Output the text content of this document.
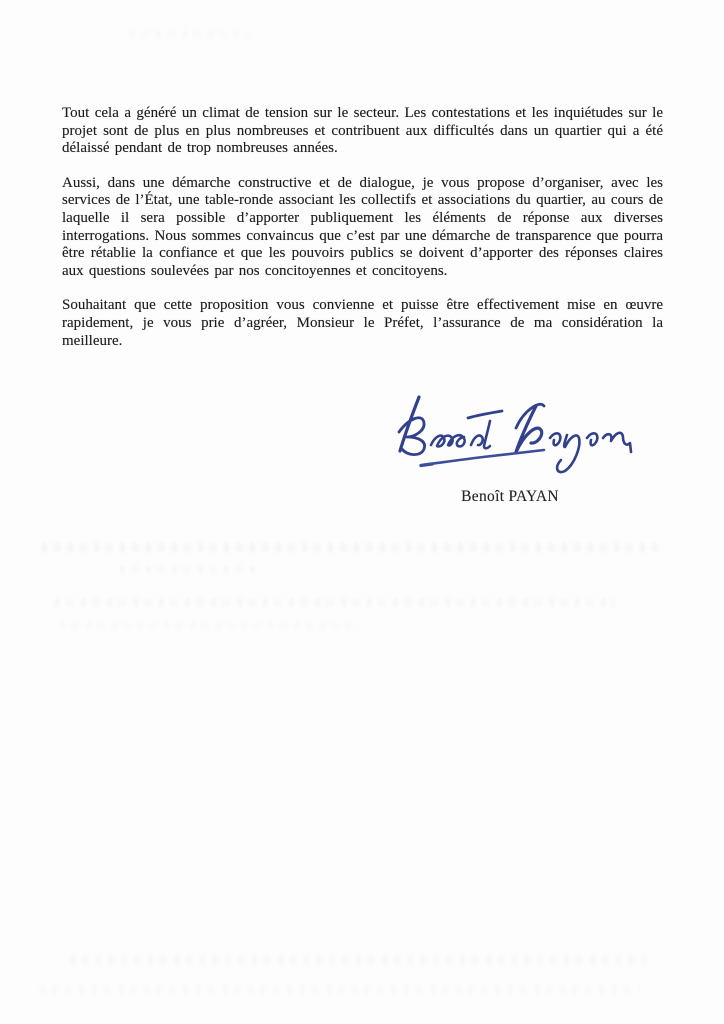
Tout cela a généré un climat de tension sur le secteur. Les contestations et les inquiétudes sur le projet sont de plus en plus nombreuses et contribuent aux difficultés dans un quartier qui a été délaissé pendant de trop nombreuses années.

Aussi, dans une démarche constructive et de dialogue, je vous propose d’organiser, avec les services de l’État, une table-ronde associant les collectifs et associations du quartier, au cours de laquelle il sera possible d’apporter publiquement les éléments de réponse aux diverses interrogations. Nous sommes convaincus que c’est par une démarche de transparence que pourra être rétablie la confiance et que les pouvoirs publics se doivent d’apporter des réponses claires aux questions soulevées par nos concitoyennes et concitoyens.

Souhaitant que cette proposition vous convienne et puisse être effectivement mise en œuvre rapidement, je vous prie d’agréer, Monsieur le Préfet, l’assurance de ma considération la meilleure.

Benoît PAYAN
